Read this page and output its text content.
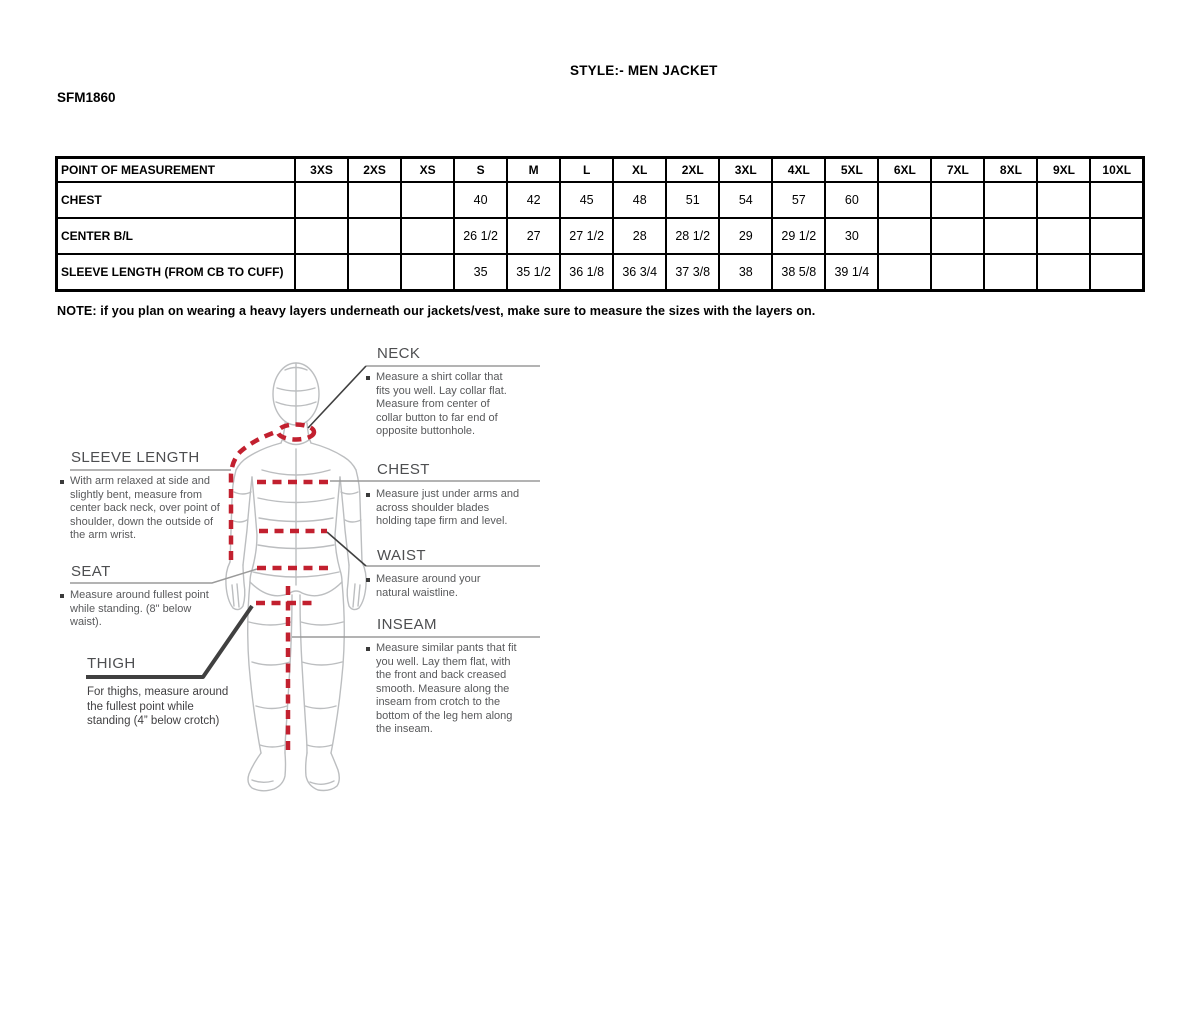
STYLE:- MEN JACKET
SFM1860
POINT OF MEASUREMENT	3XS	2XS	XS	S	M	L	XL	2XL	3XL	4XL	5XL	6XL	7XL	8XL	9XL	10XL
CHEST				40	42	45	48	51	54	57	60					
CENTER B/L				26 1/2	27	27 1/2	28	28 1/2	29	29 1/2	30					
SLEEVE LENGTH (FROM CB TO CUFF)				35	35 1/2	36 1/8	36 3/4	37 3/8	38	38 5/8	39 1/4					
NOTE: if you plan on wearing a heavy layers underneath our jackets/vest, make sure to measure the sizes with the layers on.
NECK
Measure a shirt collar that fits you well. Lay collar flat. Measure from center of collar button to far end of opposite buttonhole.
CHEST
Measure just under arms and across shoulder blades holding tape firm and level.
WAIST
Measure around your natural waistline.
INSEAM
Measure similar pants that fit you well. Lay them flat, with the front and back creased smooth. Measure along the inseam from crotch to the bottom of the leg hem along the inseam.
SLEEVE LENGTH
With arm relaxed at side and slightly bent, measure from center back neck, over point of shoulder, down the outside of the arm wrist.
SEAT
Measure around fullest point while standing. (8" below waist).
THIGH
For thighs, measure around the fullest point while standing (4” below crotch)
